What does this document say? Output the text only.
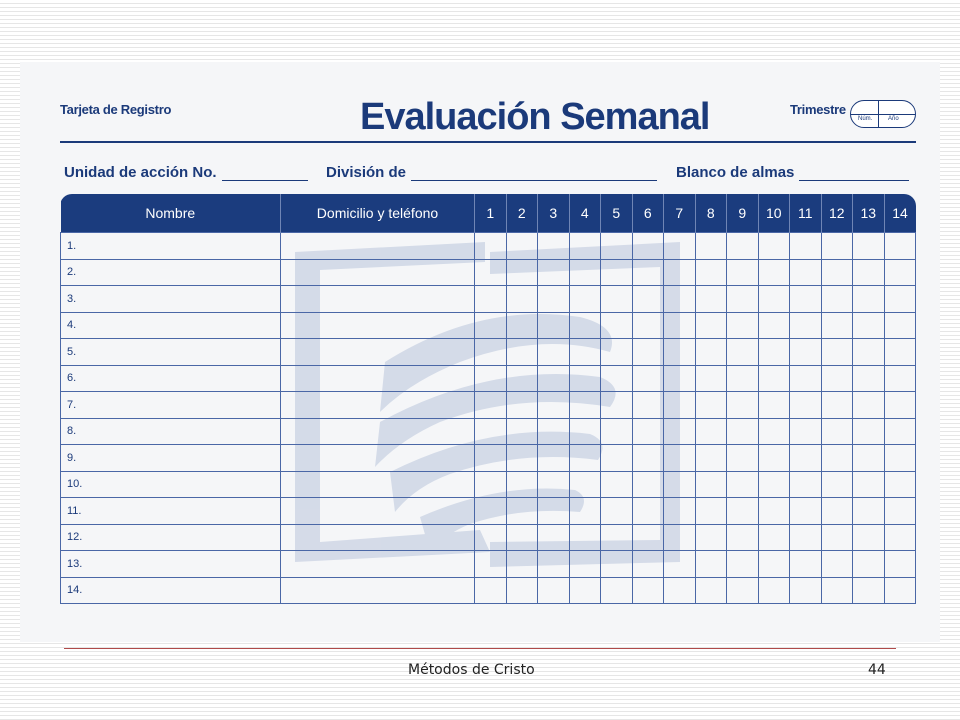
Tarjeta de Registro	Evaluación Semanal	Trimestre
Núm.	Año
Unidad de acción No.	División de	Blanco de almas
Nombre	Domicilio y teléfono	1	2	3	4	5	6	7	8	9	10	11	12	13	14
1.															
2.															
3.															
4.															
5.															
6.															
7.															
8.															
9.															
10.															
11.															
12.															
13.															
14.															
Métodos de Cristo	44
